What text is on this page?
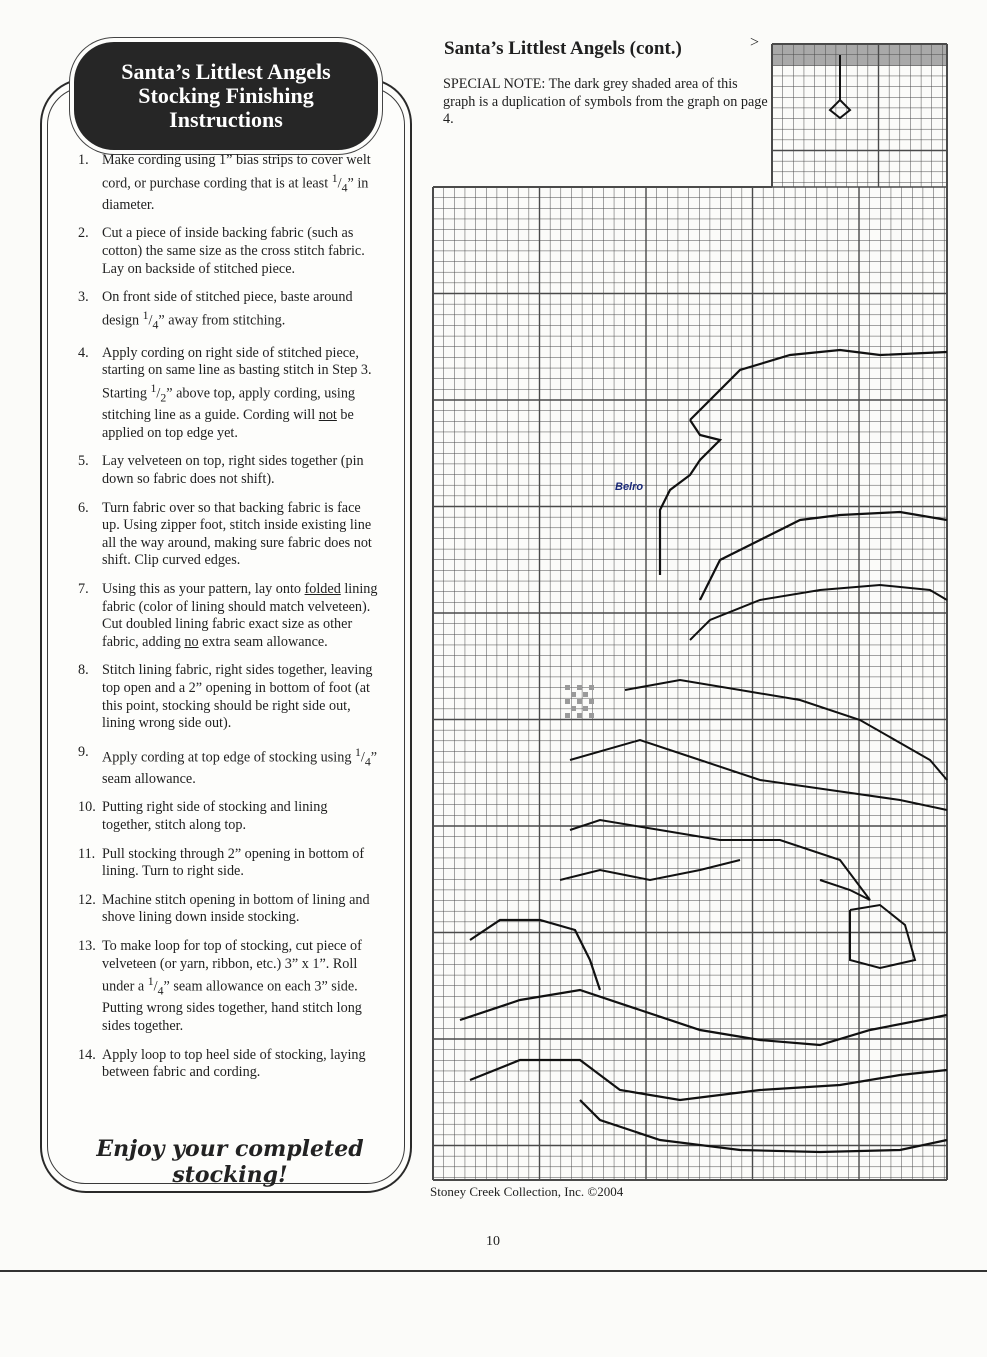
Santa’s Littlest Angels
Stocking Finishing
Instructions
1. Make cording using 1” bias strips to cover welt cord, or purchase cording that is at least $^1/_4$” in diameter.
2. Cut a piece of inside backing fabric (such as cotton) the same size as the cross stitch fabric. Lay on backside of stitched piece.
3. On front side of stitched piece, baste around design $^1/_4$” away from stitching.
4. Apply cording on right side of stitched piece, starting on same line as basting stitch in Step 3. Starting $^1/_2$” above top, apply cording, using stitching line as a guide. Cording will not be applied on top edge yet.
5. Lay velveteen on top, right sides together (pin down so fabric does not shift).
6. Turn fabric over so that backing fabric is face up. Using zipper foot, stitch inside existing line all the way around, making sure fabric does not shift. Clip curved edges.
7. Using this as your pattern, lay onto folded lining fabric (color of lining should match velveteen). Cut doubled lining fabric exact size as other fabric, adding no extra seam allowance.
8. Stitch lining fabric, right sides together, leaving top open and a 2” opening in bottom of foot (at this point, stocking should be right side out, lining wrong side out).
9. Apply cording at top edge of stocking using $^1/_4$” seam allowance.
10. Putting right side of stocking and lining together, stitch along top.
11. Pull stocking through 2” opening in bottom of lining. Turn to right side.
12. Machine stitch opening in bottom of lining and shove lining down inside stocking.
13. To make loop for top of stocking, cut piece of velveteen (or yarn, ribbon, etc.) 3” x 1”. Roll under a $^1/_4$” seam allowance on each 3” side. Putting wrong sides together, hand stitch long sides together.
14. Apply loop to top heel side of stocking, laying between fabric and cording.
Enjoy your completed stocking!
Santa’s Littlest Angels (cont.)	>
SPECIAL NOTE: The dark grey shaded area of this graph is a duplication of symbols from the graph on page 4.
Belro
Stoney Creek Collection, Inc. ©2004
10
